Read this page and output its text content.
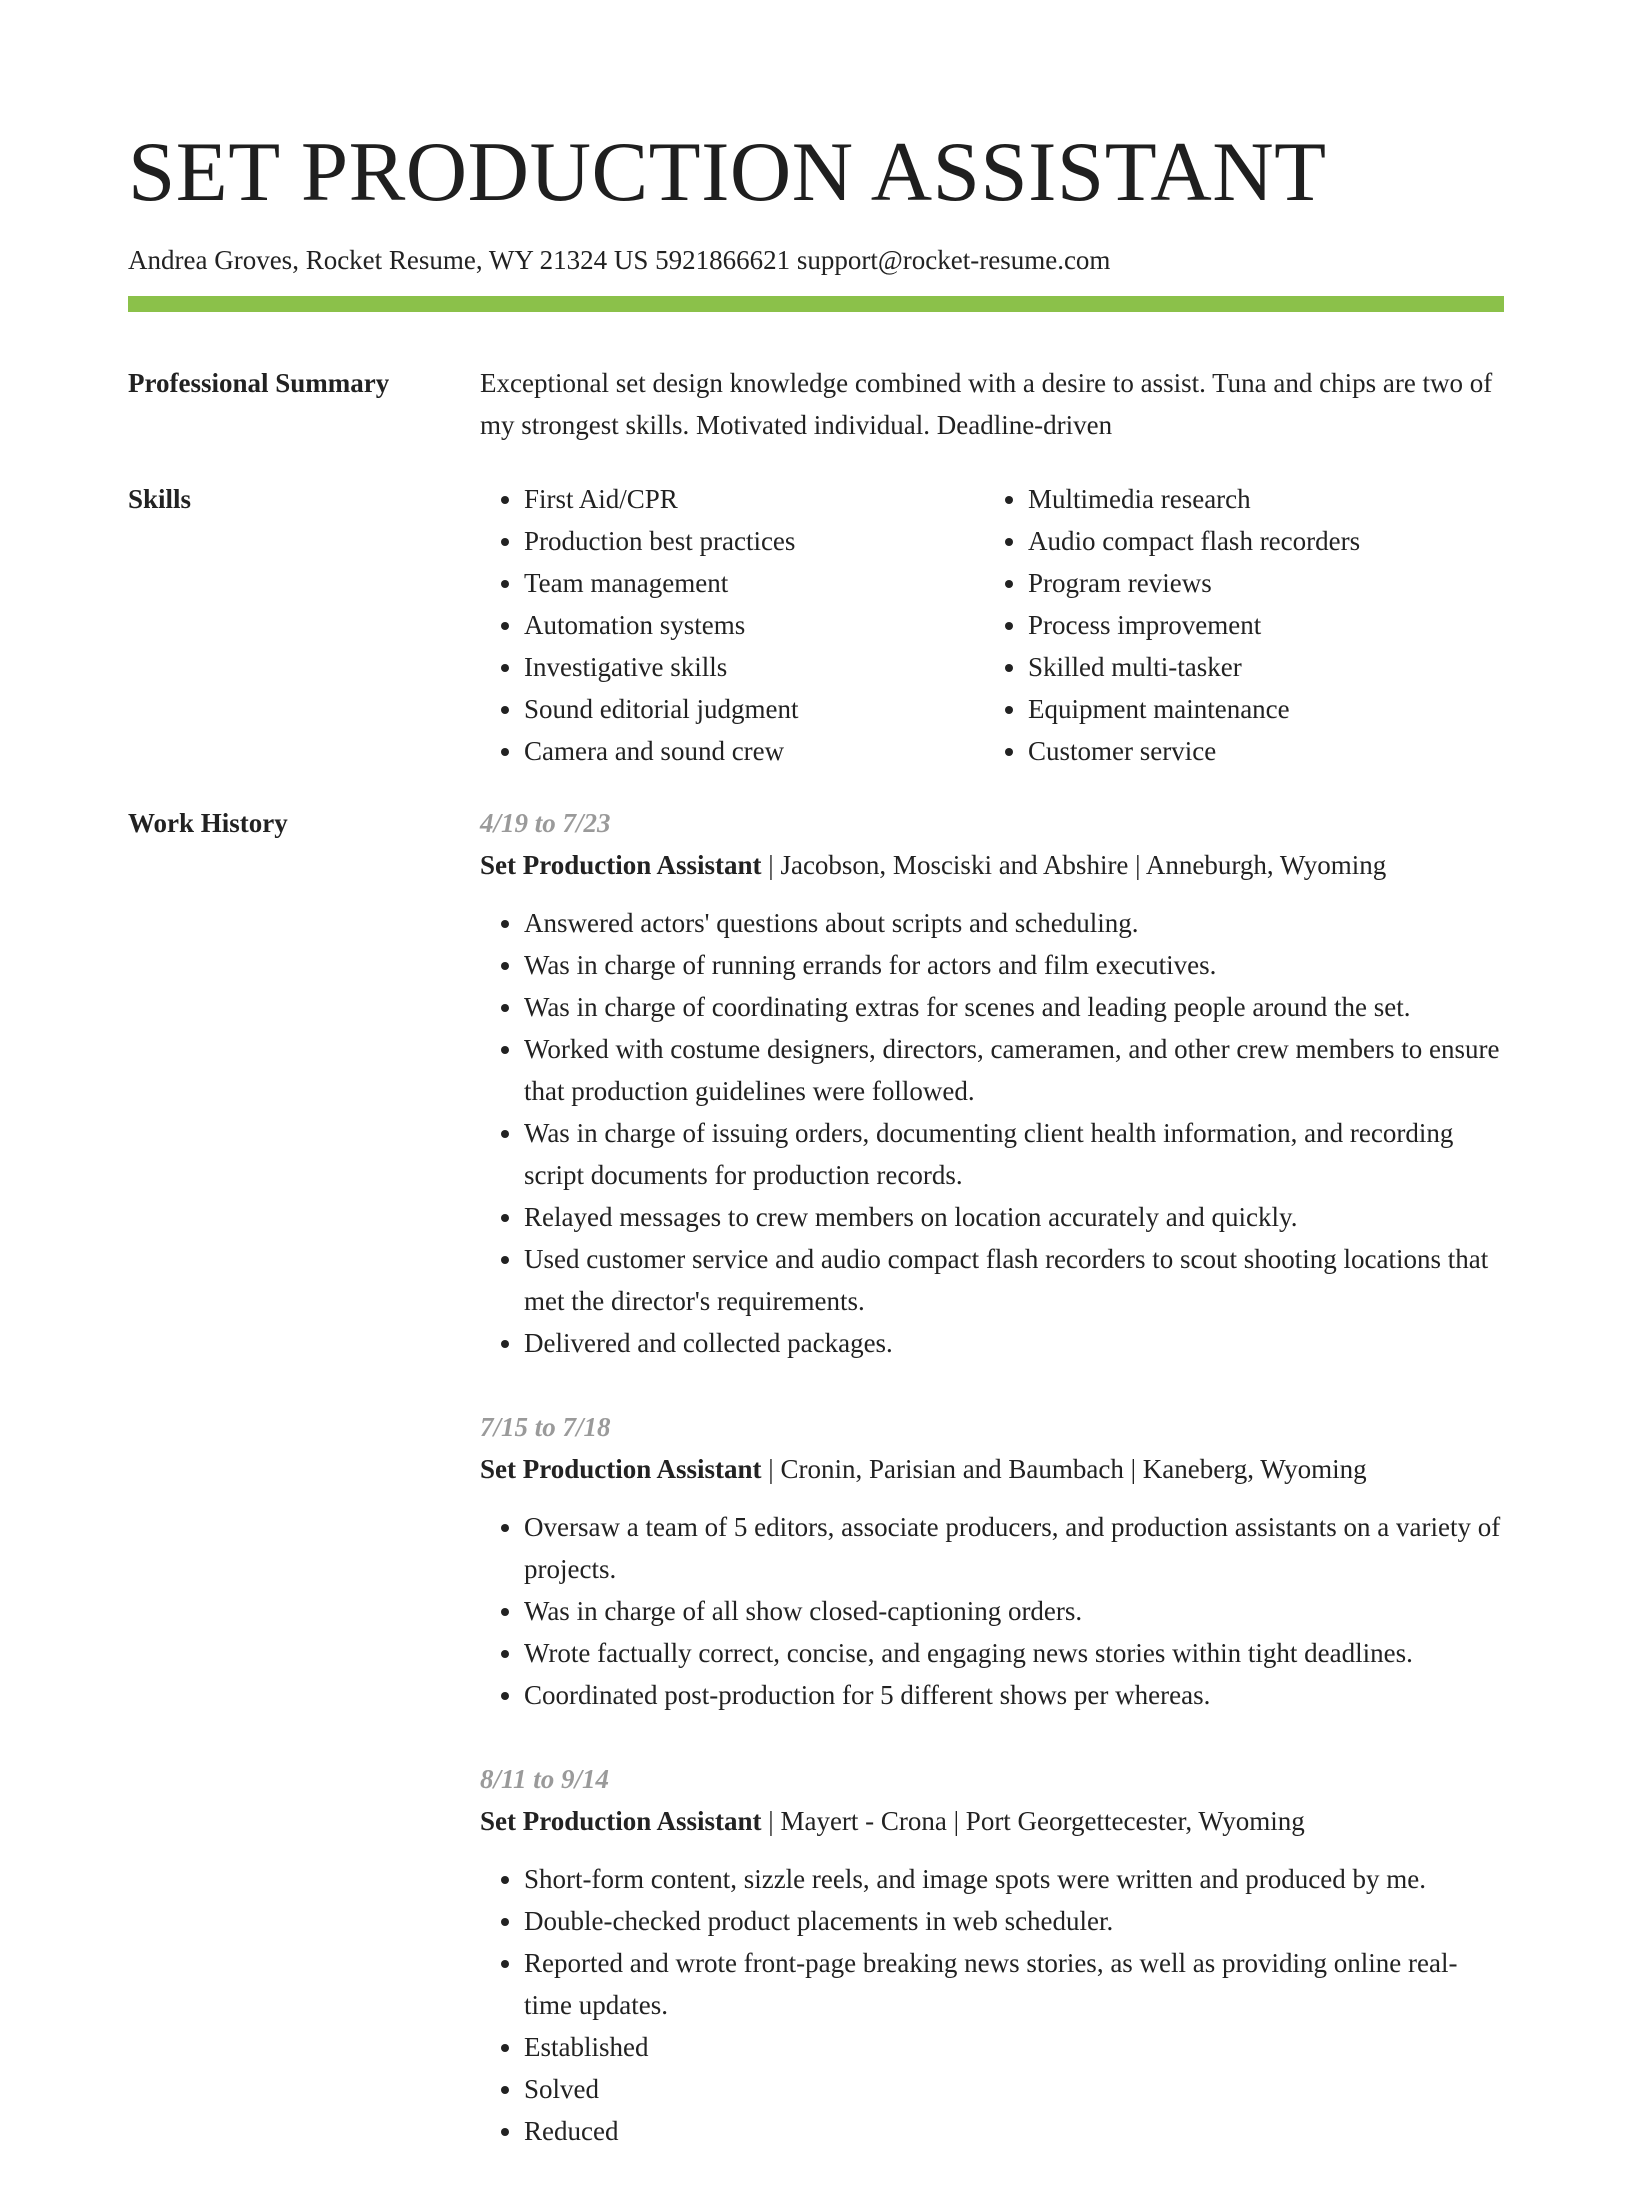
SET PRODUCTION ASSISTANT
Andrea Groves, Rocket Resume, WY 21324 US 5921866621 support@rocket-resume.com
Professional Summary	Exceptional set design knowledge combined with a desire to assist. Tuna and chips are two of my strongest skills. Motivated individual. Deadline-driven
Skills
•	First Aid/CPR
• Production best practices
• Team management
• Automation systems
• Investigative skills
• Sound editorial judgment
• Camera and sound crew
• Multimedia research
• Audio compact flash recorders
• Program reviews
• Process improvement
• Skilled multi-tasker
• Equipment maintenance
• Customer service
Work History	4/19 to 7/23
Set Production Assistant | Jacobson, Mosciski and Abshire | Anneburgh, Wyoming
• Answered actors' questions about scripts and scheduling.
• Was in charge of running errands for actors and film executives.
• Was in charge of coordinating extras for scenes and leading people around the set.
• Worked with costume designers, directors, cameramen, and other crew members to ensure that production guidelines were followed.
• Was in charge of issuing orders, documenting client health information, and recording script documents for production records.
• Relayed messages to crew members on location accurately and quickly.
• Used customer service and audio compact flash recorders to scout shooting locations that met the director's requirements.
• Delivered and collected packages.
7/15 to 7/18
Set Production Assistant | Cronin, Parisian and Baumbach | Kaneberg, Wyoming
• Oversaw a team of 5 editors, associate producers, and production assistants on a variety of projects.
• Was in charge of all show closed-captioning orders.
• Wrote factually correct, concise, and engaging news stories within tight deadlines.
• Coordinated post-production for 5 different shows per whereas.
8/11 to 9/14
Set Production Assistant | Mayert - Crona | Port Georgettecester, Wyoming
• Short-form content, sizzle reels, and image spots were written and produced by me.
• Double-checked product placements in web scheduler.
• Reported and wrote front-page breaking news stories, as well as providing online real-time updates.
• Established
• Solved
• Reduced
